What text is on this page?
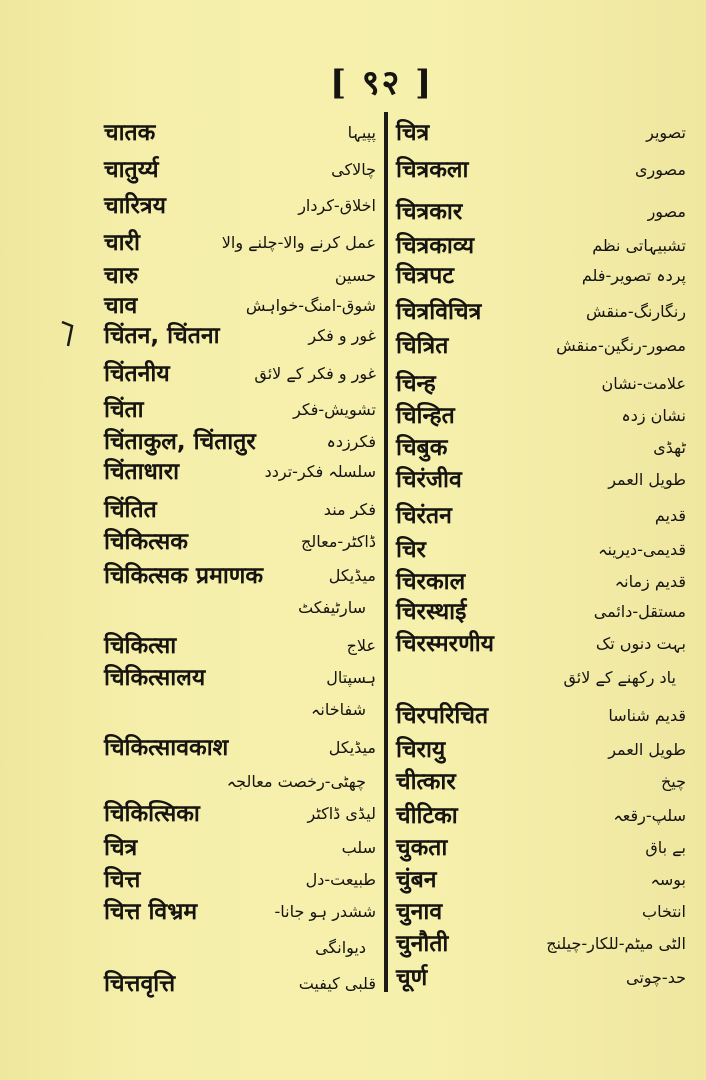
[ ९२ ]
चातक	پپیہا
चातुर्य्य	چالاکی
चारित्रय	اخلاق-کردار
चारी	عمل کرنے والا-چلنے والا
चारु	حسین
चाव	شوق-امنگ-خواہش
चिंतन, चिंतना	غور و فکر
चिंतनीय	غور و فکر کے لائق
चिंता	تشویش-فکر
चिंताकुल, चिंतातुर	فکرزدہ
चिंताधारा	سلسلہ فکر-تردد
चिंतित	فکر مند
चिकित्सक	ڈاکٹر-معالج
चिकित्सक प्रमाणक	میڈیکل
سارٹیفکٹ
चिकित्सा	علاج
चिकित्सालय	ہسپتال
شفاخانہ
चिकित्सावकाश	میڈیکل
چھٹی-رخصت معالجہ
चिकित्सिका	لیڈی ڈاکٹر
चित्र	سلب
चित्त	طبیعت-دل
चित्त विभ्रम	ششدر ہو جانا-
دیوانگی
चित्तवृत्ति	قلبی کیفیت
चित्र	تصویر
चित्रकला	مصوری
चित्रकार	مصور
चित्रकाव्य	تشبیہاتی نظم
चित्रपट	پردہ تصویر-فلم
चित्रविचित्र	رنگارنگ-منقش
चित्रित	مصور-رنگین-منقش
चिन्ह	علامت-نشان
चिन्हित	نشان زدہ
चिबुक	ٹھڈی
चिरंजीव	طویل العمر
चिरंतन	قدیم
चिर	قدیمی-دیرینہ
चिरकाल	قدیم زمانہ
चिरस्थाई	مستقل-دائمی
चिरस्मरणीय	بہت دنوں تک
یاد رکھنے کے لائق
चिरपरिचित	قدیم شناسا
चिरायु	طویل العمر
चीत्कार	چیخ
चीटिका	سلپ-رقعہ
चुकता	بے باق
चुंबन	بوسہ
चुनाव	انتخاب
चुनौती	الٹی میٹم-للکار-چیلنج
चूर्ण	حد-چوتی
